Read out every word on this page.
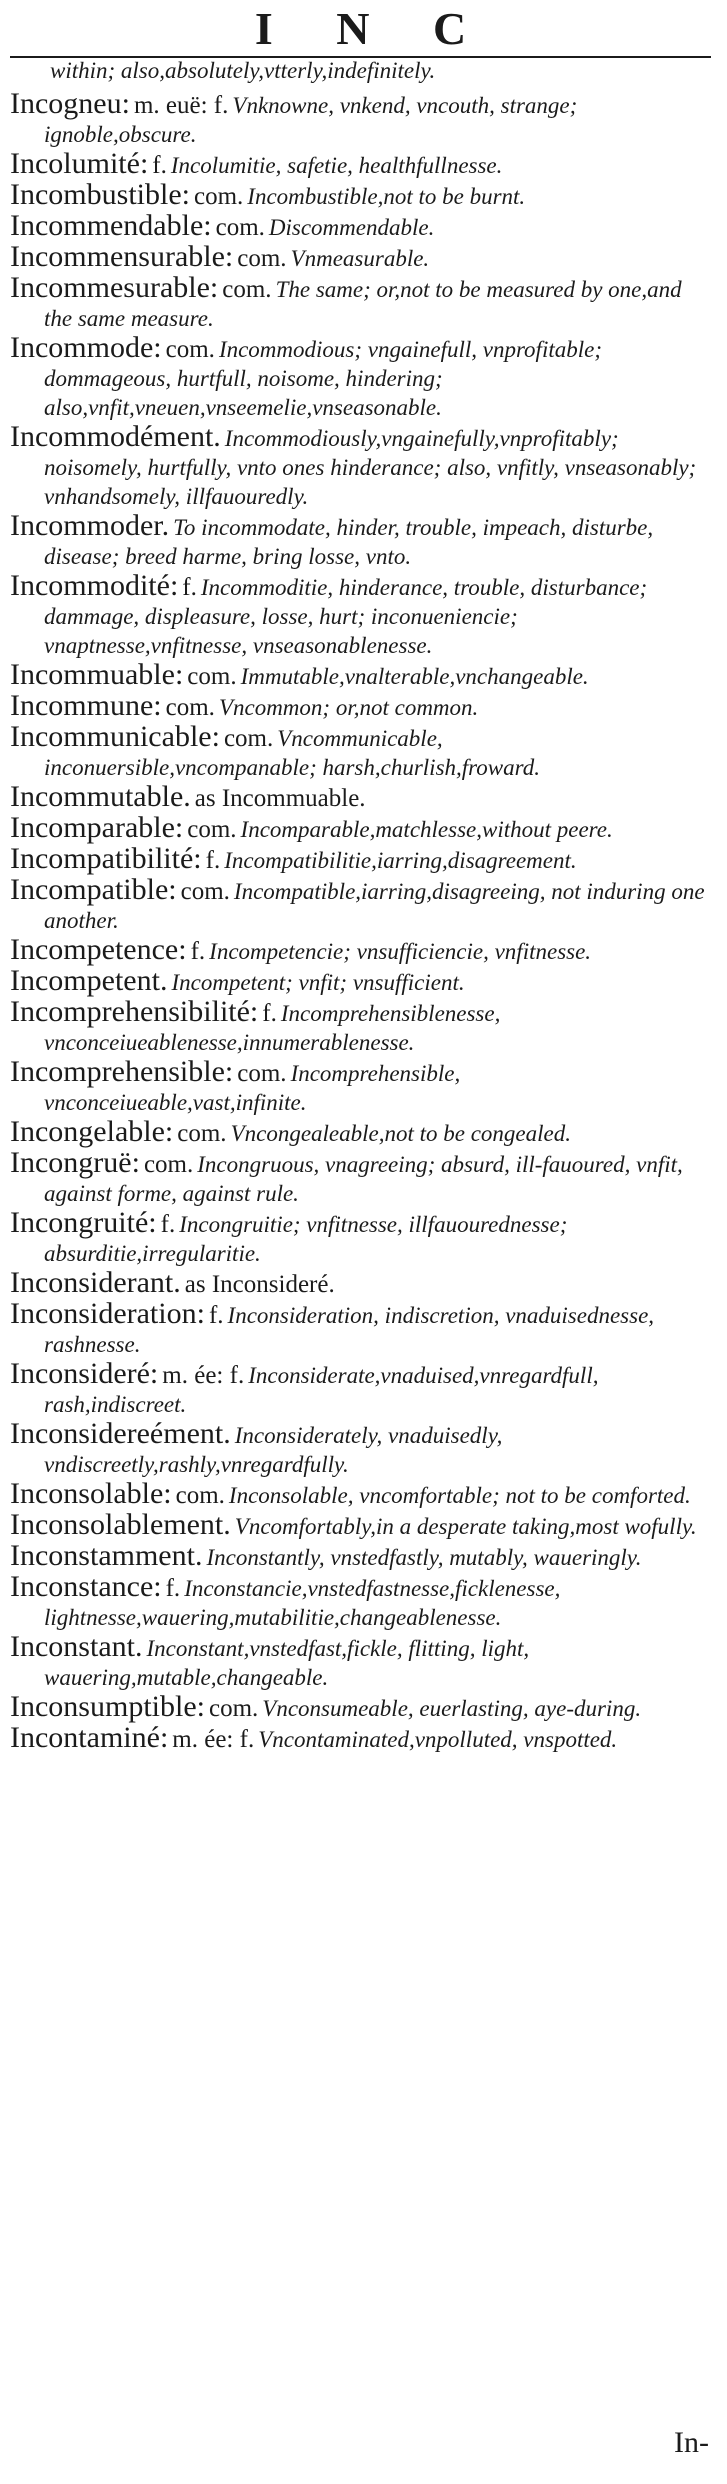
I N C

within; also,absolutely,vtterly,indefinitely.

Incogneu: m. euë: f. Vnknowne, vnkend, vncouth, strange; ignoble,obscure.

Incolumité: f. Incolumitie, safetie, healthfullnesse.

Incombustible: com. Incombustible,not to be burnt.

Incommendable: com. Discommendable.

Incommensurable: com. Vnmeasurable.

Incommesurable: com. The same; or,not to be measured by one,and the same measure.

Incommode: com. Incommodious; vngainefull, vnprofitable; dommageous, hurtfull, noisome, hindering; also,vnfit,vneuen,vnseemelie,vnseasonable.

Incommodément. Incommodiously,vngainefully,vnprofitably; noisomely, hurtfully, vnto ones hinderance; also, vnfitly, vnseasonably; vnhandsomely, illfauouredly.

Incommoder. To incommodate, hinder, trouble, impeach, disturbe, disease; breed harme, bring losse, vnto.

Incommodité: f. Incommoditie, hinderance, trouble, disturbance; dammage, displeasure, losse, hurt; inconueniencie; vnaptnesse,vnfitnesse, vnseasonablenesse.

Incommuable: com. Immutable,vnalterable,vnchangeable.

Incommune: com. Vncommon; or,not common.

Incommunicable: com. Vncommunicable, inconuersible,vncompanable; harsh,churlish,froward.

Incommutable. as Incommuable.

Incomparable: com. Incomparable,matchlesse,without peere.

Incompatibilité: f. Incompatibilitie,iarring,disagreement.

Incompatible: com. Incompatible,iarring,disagreeing, not induring one another.

Incompetence: f. Incompetencie; vnsufficiencie, vnfitnesse.

Incompetent. Incompetent; vnfit; vnsufficient.

Incomprehensibilité: f. Incomprehensiblenesse, vnconceiueablenesse,innumerablenesse.

Incomprehensible: com. Incomprehensible, vnconceiueable,vast,infinite.

Incongelable: com. Vncongealeable,not to be congealed.

Incongruë: com. Incongruous, vnagreeing; absurd, ill-fauoured, vnfit, against forme, against rule.

Incongruité: f. Incongruitie; vnfitnesse, illfauourednesse; absurditie,irregularitie.

Inconsiderant. as Inconsideré.

Inconsideration: f. Inconsideration, indiscretion, vnaduisednesse, rashnesse.

Inconsideré: m. ée: f. Inconsiderate,vnaduised,vnregardfull, rash,indiscreet.

Inconsidereément. Inconsiderately, vnaduisedly, vndiscreetly,rashly,vnregardfully.

Inconsolable: com. Inconsolable, vncomfortable; not to be comforted.

Inconsolablement. Vncomfortably,in a desperate taking,most wofully.

Inconstamment. Inconstantly, vnstedfastly, mutably, waueringly.

Inconstance: f. Inconstancie,vnstedfastnesse,ficklenesse, lightnesse,wauering,mutabilitie,changeablenesse.

Inconstant. Inconstant,vnstedfast,fickle, flitting, light, wauering,mutable,changeable.

Inconsumptible: com. Vnconsumeable, euerlasting, aye-during.

Incontaminé: m. ée: f. Vncontaminated,vnpolluted, vnspotted.

In-
